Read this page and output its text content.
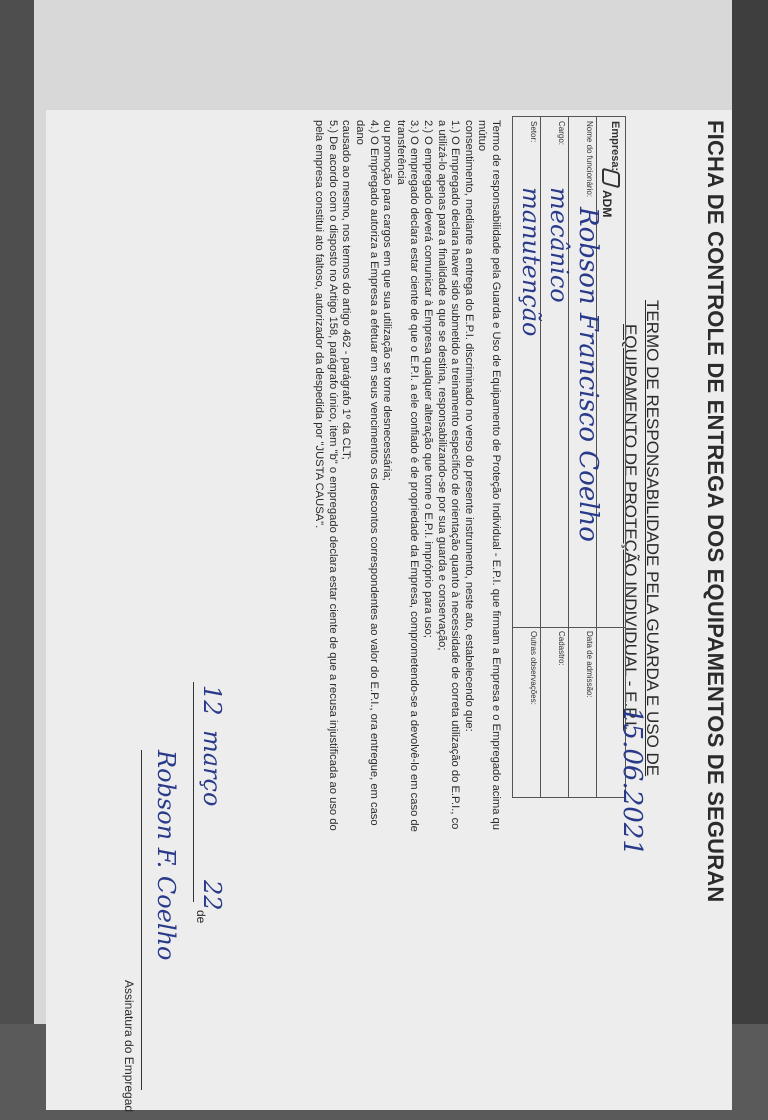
FICHA DE CONTROLE DE ENTREGA DOS EQUIPAMENTOS DE SEGURAN
TERMO DE RESPONSABILIDADE PELA GUARDA E USO DE
EQUIPAMENTO DE PROTEÇÃO INDIVIDUAL - E.P.I.
Empresa:
Nome do funcionário:
Cargo:
Setor:
Data de admissão:
Cadastro:
Outras observações:
Robson Francisco Coelho
mecânico
manutenção
15.06.2021
ADM

Termo de responsabilidade pela Guarda e Uso de Equipamento de Proteção Individual - E.P.I. que firmam a Empresa e o Empregado acima qu

mútuo

consentimento, mediante a entrega do E.P.I. discriminado no verso do presente instrumento, neste ato, estabelecendo que:

1.) O Empregado declara haver sido submetido a treinamento específico de orientação quanto à necessidade de correta utilização do E.P.I., co

a utilizá-lo apenas para a finalidade a que se destina, responsabilizando-se por sua guarda e conservação;

2.) O empregado deverá comunicar à Empresa qualquer alteração que torne o E.P.I. impróprio para uso;

3.) O empregado declara estar ciente de que o E.P.I. a ele confiado é de propriedade da Empresa, comprometendo-se a devolvê-lo em caso de

transferência

ou promoção para cargos em que sua utilização se torne desnecessária;

4.) O Empregado autoriza a Empresa a efetuar em seus vencimentos os descontos correspondentes ao valor do E.P.I., ora entregue, em caso

dano

causado ao mesmo, nos termos do artigo 462 - parágrafo 1º da CLT;

5.) De acordo com o disposto no Artigo 158, parágrafo único, item "b" o empregado declara estar ciente de que a recusa injustificada ao uso do

pela empresa constitui ato faltoso, autorizador da despedida por "JUSTA CAUSA".

12
março
22
de
Robson F. Coelho
Assinatura do Empregad
